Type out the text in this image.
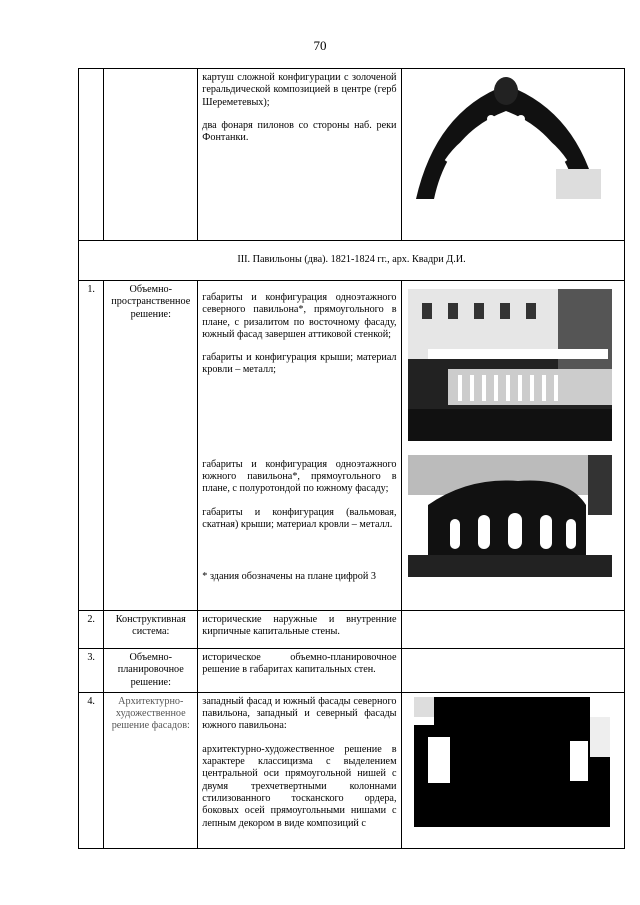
70

		картуш сложной конфигурации с золоченой геральдической композицией в центре (герб Шереметевых);

два фонаря пилонов со стороны наб. реки Фонтанки.

III. Павильоны (два). 1821-1824 гг., арх. Квадри Д.И.			
1.	Объемно-пространственное решение:	габариты и конфигурация одноэтажного северного павильона*, прямоугольного в плане, с ризалитом по восточному фасаду, южный фасад завершен аттиковой стенкой;

габариты и конфигурация крыши; материал кровли – металл;

габариты и конфигурация одноэтажного южного павильона*, прямоугольного в плане, с полуротондой по южному фасаду;

габариты и конфигурация (вальмовая, скатная) крыши; материал кровли – металл.

* здания обозначены на плане цифрой 3

2.	Конструктивная система:	исторические наружные и внутренние кирпичные капитальные стены.	

3.	Объемно-планировочное решение:	историческое объемно-планировочное решение в габаритах капитальных стен.	

4.	Архитектурно-художественное решение фасадов:	западный фасад и южный фасады северного павильона, западный и северный фасады южного павильона:

архитектурно-художественное решение в характере классицизма с выделением центральной оси прямоугольной нишей с двумя трехчетвертными колоннами стилизованного тосканского ордера, боковых осей прямоугольными нишами с лепным декором в виде композиций с
